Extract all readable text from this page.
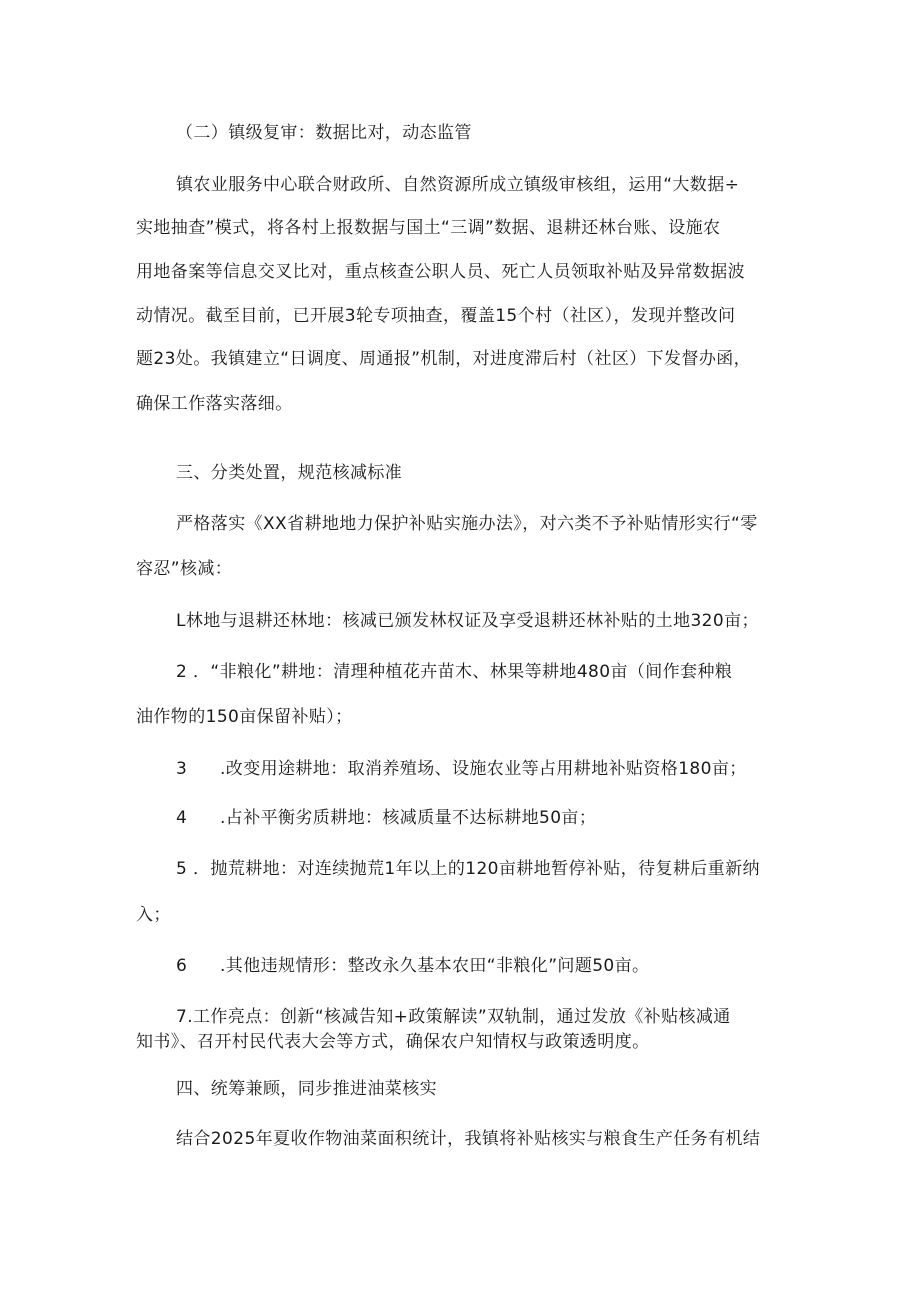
（二）镇级复审：数据比对，动态监管
镇农业服务中心联合财政所、自然资源所成立镇级审核组，运用“大数据÷
实地抽查”模式，将各村上报数据与国土“三调”数据、退耕还林台账、设施农
用地备案等信息交叉比对，重点核查公职人员、死亡人员领取补贴及异常数据波
动情况。截至目前，已开展3轮专项抽查，覆盖15个村（社区），发现并整改问
题23处。我镇建立“日调度、周通报”机制，对进度滞后村（社区）下发督办函，
确保工作落实落细。
三、分类处置，规范核减标准
严格落实《XX省耕地地力保护补贴实施办法》，对六类不予补贴情形实行“零
容忍”核减：
L林地与退耕还林地：核减已颁发林权证及享受退耕还林补贴的土地320亩；
2 ．“非粮化”耕地：清理种植花卉苗木、林果等耕地480亩（间作套种粮
油作物的150亩保留补贴）；
3 .改变用途耕地：取消养殖场、设施农业等占用耕地补贴资格180亩；
4 .占补平衡劣质耕地：核减质量不达标耕地50亩；
5 ．抛荒耕地：对连续抛荒1年以上的120亩耕地暂停补贴，待复耕后重新纳
入；
6 .其他违规情形：整改永久基本农田“非粮化”问题50亩。
7.工作亮点：创新“核减告知+政策解读”双轨制，通过发放《补贴核减通
知书》、召开村民代表大会等方式，确保农户知情权与政策透明度。
四、统筹兼顾，同步推进油菜核实
结合2025年夏收作物油菜面积统计，我镇将补贴核实与粮食生产任务有机结
